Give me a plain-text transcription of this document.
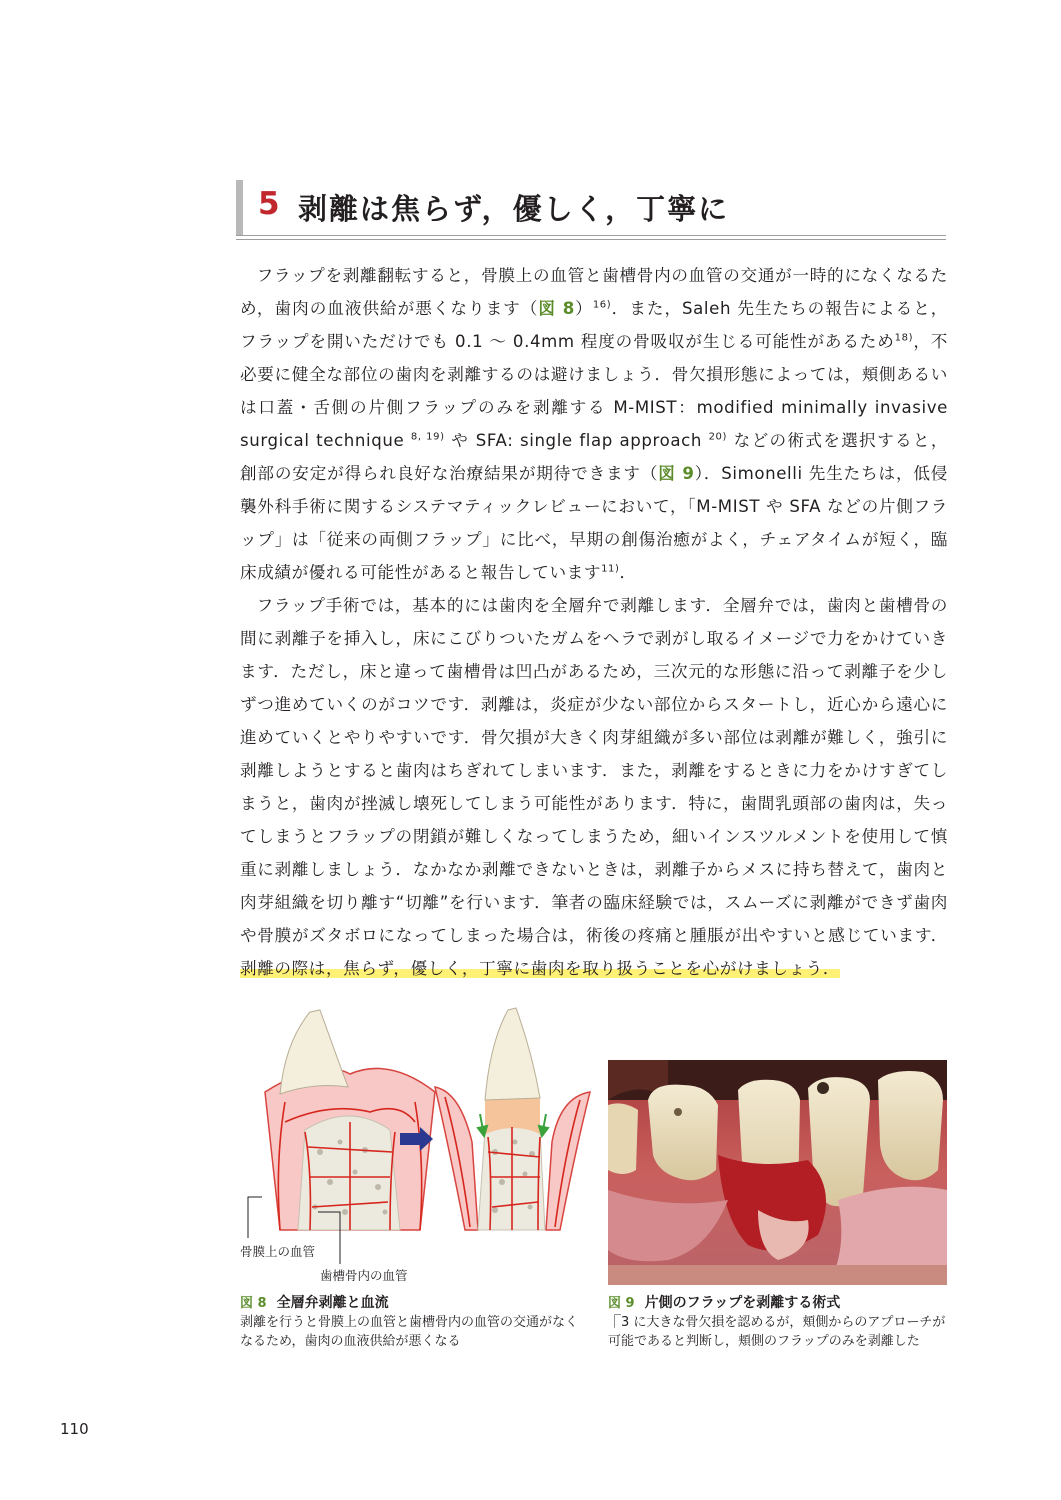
5 剥離は焦らず，優しく，丁寧に

フラップを剥離翻転すると，骨膜上の血管と歯槽骨内の血管の交通が一時的になくなるため，歯肉の血液供給が悪くなります（図 8）$^{16)}$．また，Saleh 先生たちの報告によると，フラップを開いただけでも 0.1 〜 0.4mm 程度の骨吸収が生じる可能性があるため$^{18)}$，不必要に健全な部位の歯肉を剥離するのは避けましょう．骨欠損形態によっては，頬側あるいは口蓋・舌側の片側フラップのみを剥離する M-MIST：modified minimally invasive surgical technique $^{8, 19)}$ や SFA: single flap approach $^{20)}$ などの術式を選択すると，創部の安定が得られ良好な治療結果が期待できます（図 9）．Simonelli 先生たちは，低侵襲外科手術に関するシステマティックレビューにおいて，「M-MIST や SFA などの片側フラップ」は「従来の両側フラップ」に比べ，早期の創傷治癒がよく，チェアタイムが短く，臨床成績が優れる可能性があると報告しています$^{11)}$．

フラップ手術では，基本的には歯肉を全層弁で剥離します．全層弁では，歯肉と歯槽骨の間に剥離子を挿入し，床にこびりついたガムをヘラで剥がし取るイメージで力をかけていきます．ただし，床と違って歯槽骨は凹凸があるため，三次元的な形態に沿って剥離子を少しずつ進めていくのがコツです．剥離は，炎症が少ない部位からスタートし，近心から遠心に進めていくとやりやすいです．骨欠損が大きく肉芽組織が多い部位は剥離が難しく，強引に剥離しようとすると歯肉はちぎれてしまいます．また，剥離をするときに力をかけすぎてしまうと，歯肉が挫滅し壊死してしまう可能性があります．特に，歯間乳頭部の歯肉は，失ってしまうとフラップの閉鎖が難しくなってしまうため，細いインスツルメントを使用して慎重に剥離しましょう．なかなか剥離できないときは，剥離子からメスに持ち替えて，歯肉と肉芽組織を切り離す“切離”を行います．筆者の臨床経験では，スムーズに剥離ができず歯肉や骨膜がズタボロになってしまった場合は，術後の疼痛と腫脹が出やすいと感じています．剥離の際は，焦らず，優しく，丁寧に歯肉を取り扱うことを心がけましょう．

骨膜上の血管
歯槽骨内の血管
図 8 全層弁剥離と血流
剥離を行うと骨膜上の血管と歯槽骨内の血管の交通がなくなるため，歯肉の血液供給が悪くなる
図 9 片側のフラップを剥離する術式
⎾3 に大きな骨欠損を認めるが，頬側からのアプローチが可能であると判断し，頬側のフラップのみを剥離した
110
